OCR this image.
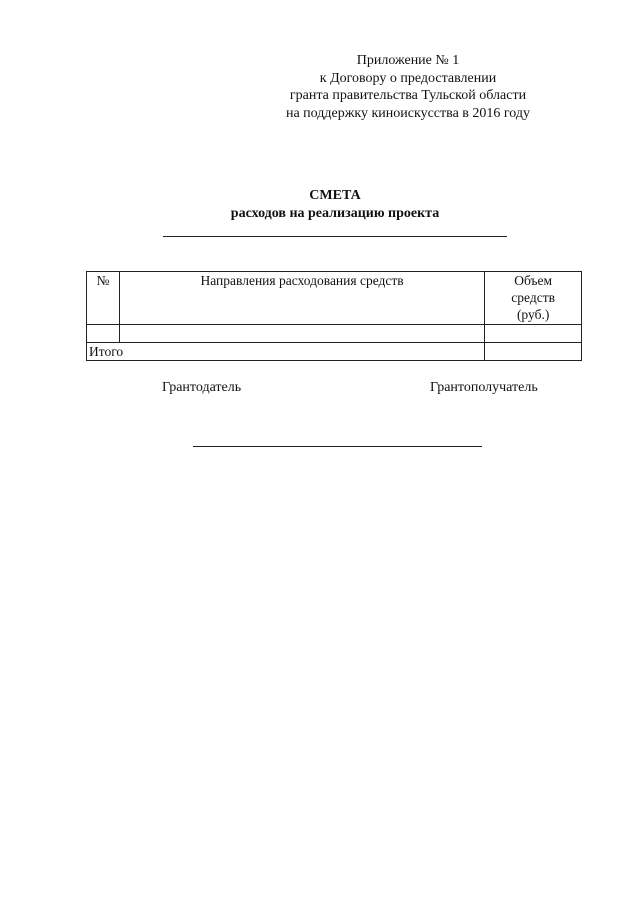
Приложение № 1
к Договору о предоставлении
гранта правительства Тульской области
на поддержку киноискусства в 2016 году
СМЕТА
расходов на реализацию проекта
№	Направления расходования средств	Объем
средств
(руб.)

Итого		
Грантодатель	Грантополучатель
